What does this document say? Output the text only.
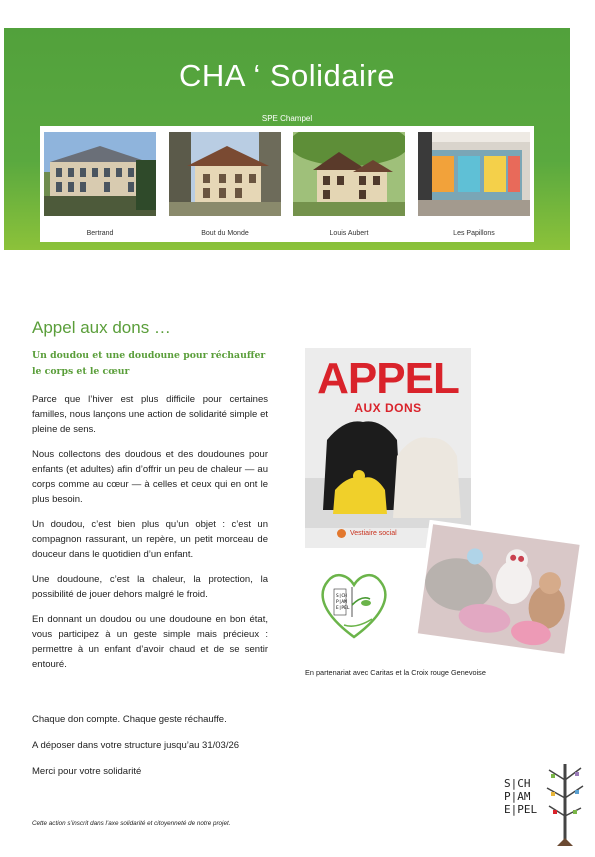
CHA ‘ Solidaire
SPE Champel
Bertrand	Bout du Monde	Louis Aubert	Les Papillons
Appel aux dons …

Un doudou et une doudoune pour réchauffer le corps et le cœur

Parce que l’hiver est plus difficile pour certaines familles, nous lançons une action de solidarité simple et pleine de sens.

Nous collectons des doudous et des doudounes pour enfants (et adultes) afin d’offrir un peu de chaleur — au corps comme au cœur — à celles et ceux qui en ont le plus besoin.

Un doudou, c’est bien plus qu’un objet : c’est un compagnon rassurant, un repère, un petit morceau de douceur dans le quotidien d’un enfant.

Une doudoune, c’est la chaleur, la protection, la possibilité de jouer dehors malgré le froid.

En donnant un doudou ou une doudoune en bon état, vous participez à un geste simple mais précieux : permettre à un enfant d’avoir chaud et de se sentir entouré.

Chaque don compte. Chaque geste réchauffe.

A déposer dans votre structure jusqu’au 31/03/26

Merci pour votre solidarité

Cette action s’inscrit dans l’axe solidarité et citoyenneté de notre projet.

APPEL
AUX DONS
Vestiaire social
S|CH
P|AM
E|PEL

En partenariat avec Caritas et la Croix rouge Genevoise

S|CH
P|AM
E|PEL
